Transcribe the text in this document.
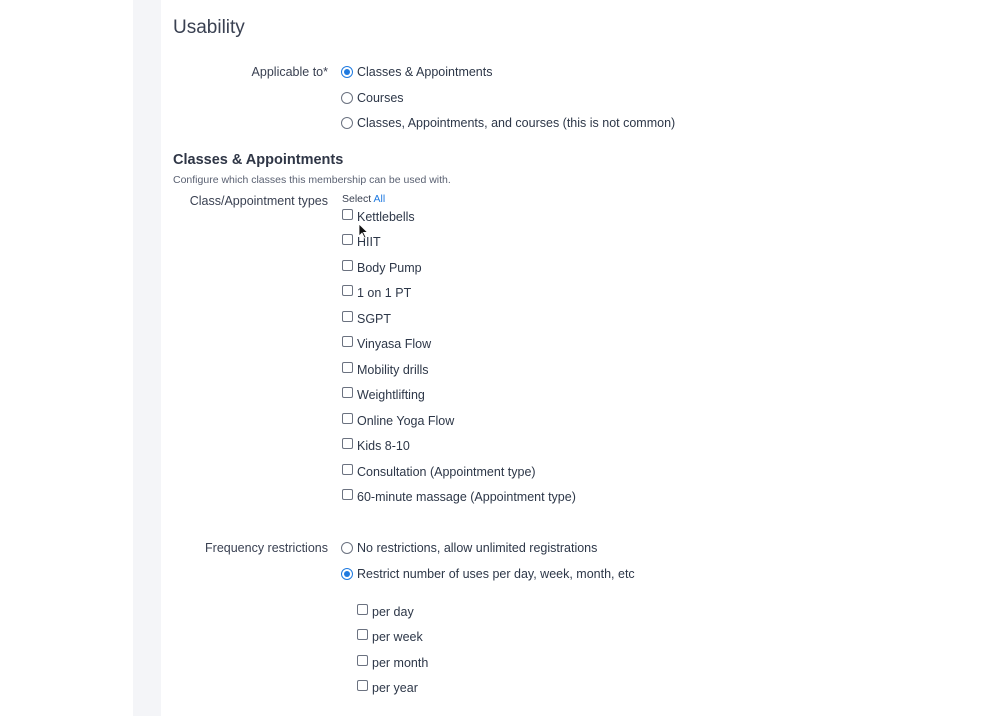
Usability
Applicable to* Classes & Appointments
Courses
Classes, Appointments, and courses (this is not common)
Classes & Appointments
Configure which classes this membership can be used with.
Class/Appointment types Select All
Kettlebells
HIIT
Body Pump
1 on 1 PT
SGPT
Vinyasa Flow
Mobility drills
Weightlifting
Online Yoga Flow
Kids 8-10
Consultation (Appointment type)
60-minute massage (Appointment type)
Frequency restrictions No restrictions, allow unlimited registrations
Restrict number of uses per day, week, month, etc
per day
per week
per month
per year
